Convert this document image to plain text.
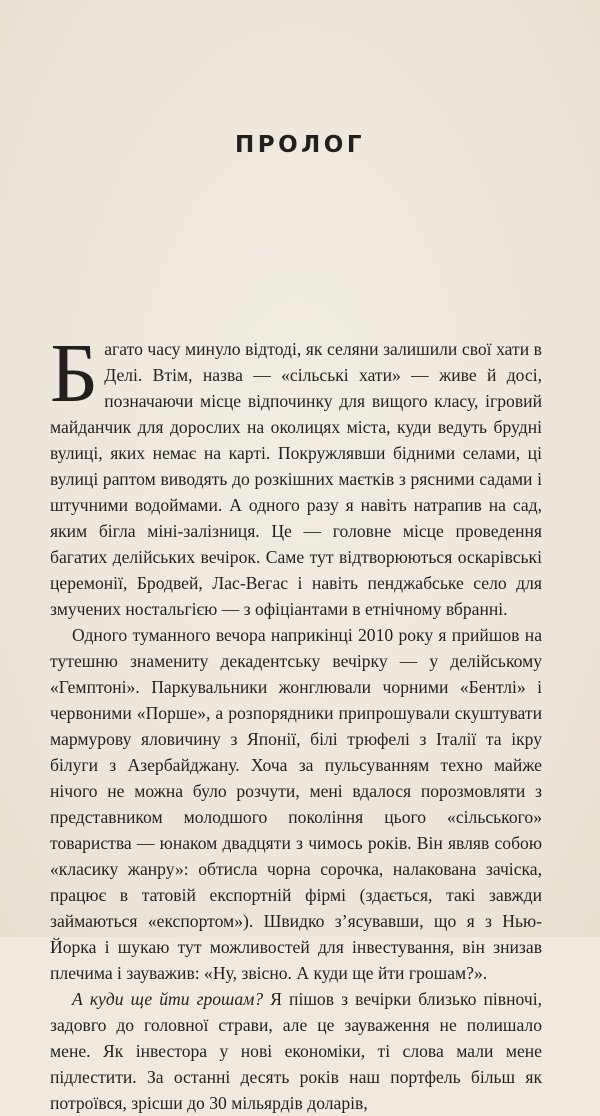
ПРОЛОГ

Багато часу минуло відтоді, як селяни залишили свої хати в Делі. Втім, назва — «сільські хати» — живе й досі, позначаючи місце відпочинку для вищого класу, ігровий майданчик для дорослих на околицях міста, куди ведуть брудні вулиці, яких немає на карті. Покружлявши бідними селами, ці вулиці раптом виводять до розкішних маєтків з рясними садами і штучними водоймами. А одного разу я навіть натрапив на сад, яким бігла міні-залізниця. Це — головне місце проведення багатих делійських вечірок. Саме тут відтворюються оскарівські церемонії, Бродвей, Лас-Вегас і навіть пенджабське село для змучених ностальгією — з офіціантами в етнічному вбранні.

Одного туманного вечора наприкінці 2010 року я прийшов на тутешню знаменитy декадентську вечірку — у делійському «Гемптоні». Паркувальники жонглювали чорними «Бентлі» і червоними «Порше», а розпорядники припрошували скуштувати мармурову яловичину з Японії, білі трюфелі з Італії та ікру білуги з Азербайджану. Хоча за пульсуванням техно майже нічого не можна було розчути, мені вдалося порозмовляти з представником молодшого покоління цього «сільського» товариства — юнаком двадцяти з чимось років. Він являв собою «класику жанру»: обтисла чорна сорочка, налакована зачіска, працює в татовій експортній фірмі (здається, такі завжди займаються «експортом»). Швидко з’ясувавши, що я з Нью-Йорка і шукаю тут можливостей для інвестування, він знизав плечима і зауважив: «Ну, звісно. А куди ще йти грошам?».

А куди ще йти грошам? Я пішов з вечірки близько півночі, задовго до головної страви, але це зауваження не полишало мене. Як інвестора у нові економіки, ті слова мали мене підлестити. За останні десять років наш портфель більш як потроївся, зрісши до 30 мільярдів доларів,
